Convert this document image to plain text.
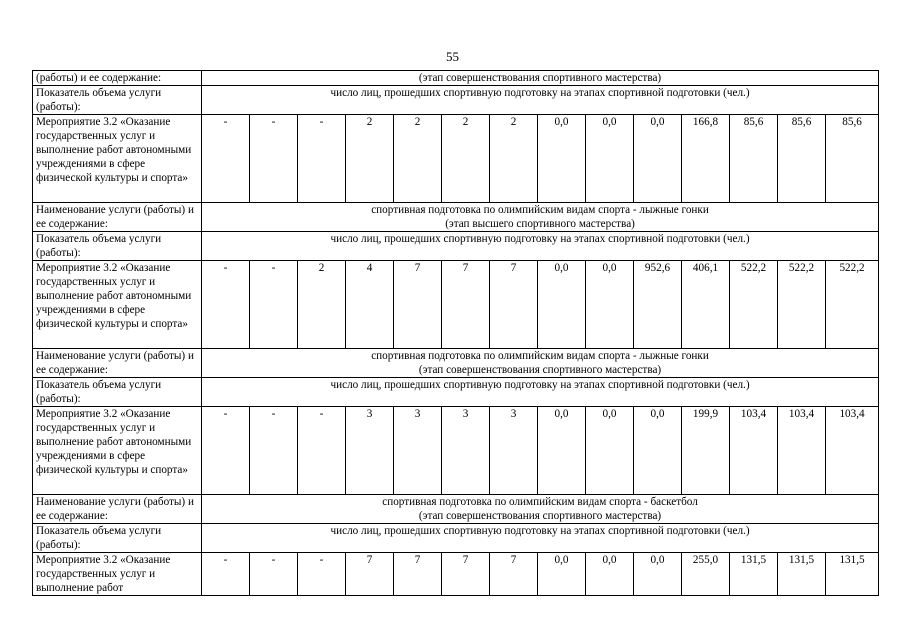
55
(работы) и ее содержание:	(этап совершенствования спортивного мастерства)													
Показатель объема услуги (работы):	число лиц, прошедших спортивную подготовку на этапах спортивной подготовки (чел.)													
Мероприятие 3.2 «Оказание государственных услуг и выполнение работ автономными учреждениями в сфере физической культуры и спорта»	-	-	-	2	2	2	2	0,0	0,0	0,0	166,8	85,6	85,6	85,6
Наименование услуги (работы) и ее содержание:	спортивная подготовка по олимпийским видам спорта - лыжные гонки
(этап высшего спортивного мастерства)													

Показатель объема услуги (работы):	число лиц, прошедших спортивную подготовку на этапах спортивной подготовки (чел.)													
Мероприятие 3.2 «Оказание государственных услуг и выполнение работ автономными учреждениями в сфере физической культуры и спорта»	-	-	2	4	7	7	7	0,0	0,0	952,6	406,1	522,2	522,2	522,2
Наименование услуги (работы) и ее содержание:	спортивная подготовка по олимпийским видам спорта - лыжные гонки
(этап совершенствования спортивного мастерства)													

Показатель объема услуги (работы):	число лиц, прошедших спортивную подготовку на этапах спортивной подготовки (чел.)													
Мероприятие 3.2 «Оказание государственных услуг и выполнение работ автономными учреждениями в сфере физической культуры и спорта»	-	-	-	3	3	3	3	0,0	0,0	0,0	199,9	103,4	103,4	103,4
Наименование услуги (работы) и ее содержание:	спортивная подготовка по олимпийским видам спорта - баскетбол
(этап совершенствования спортивного мастерства)													

Показатель объема услуги (работы):	число лиц, прошедших спортивную подготовку на этапах спортивной подготовки (чел.)													
Мероприятие 3.2 «Оказание государственных услуг и выполнение работ	-	-	-	7	7	7	7	0,0	0,0	0,0	255,0	131,5	131,5	131,5
